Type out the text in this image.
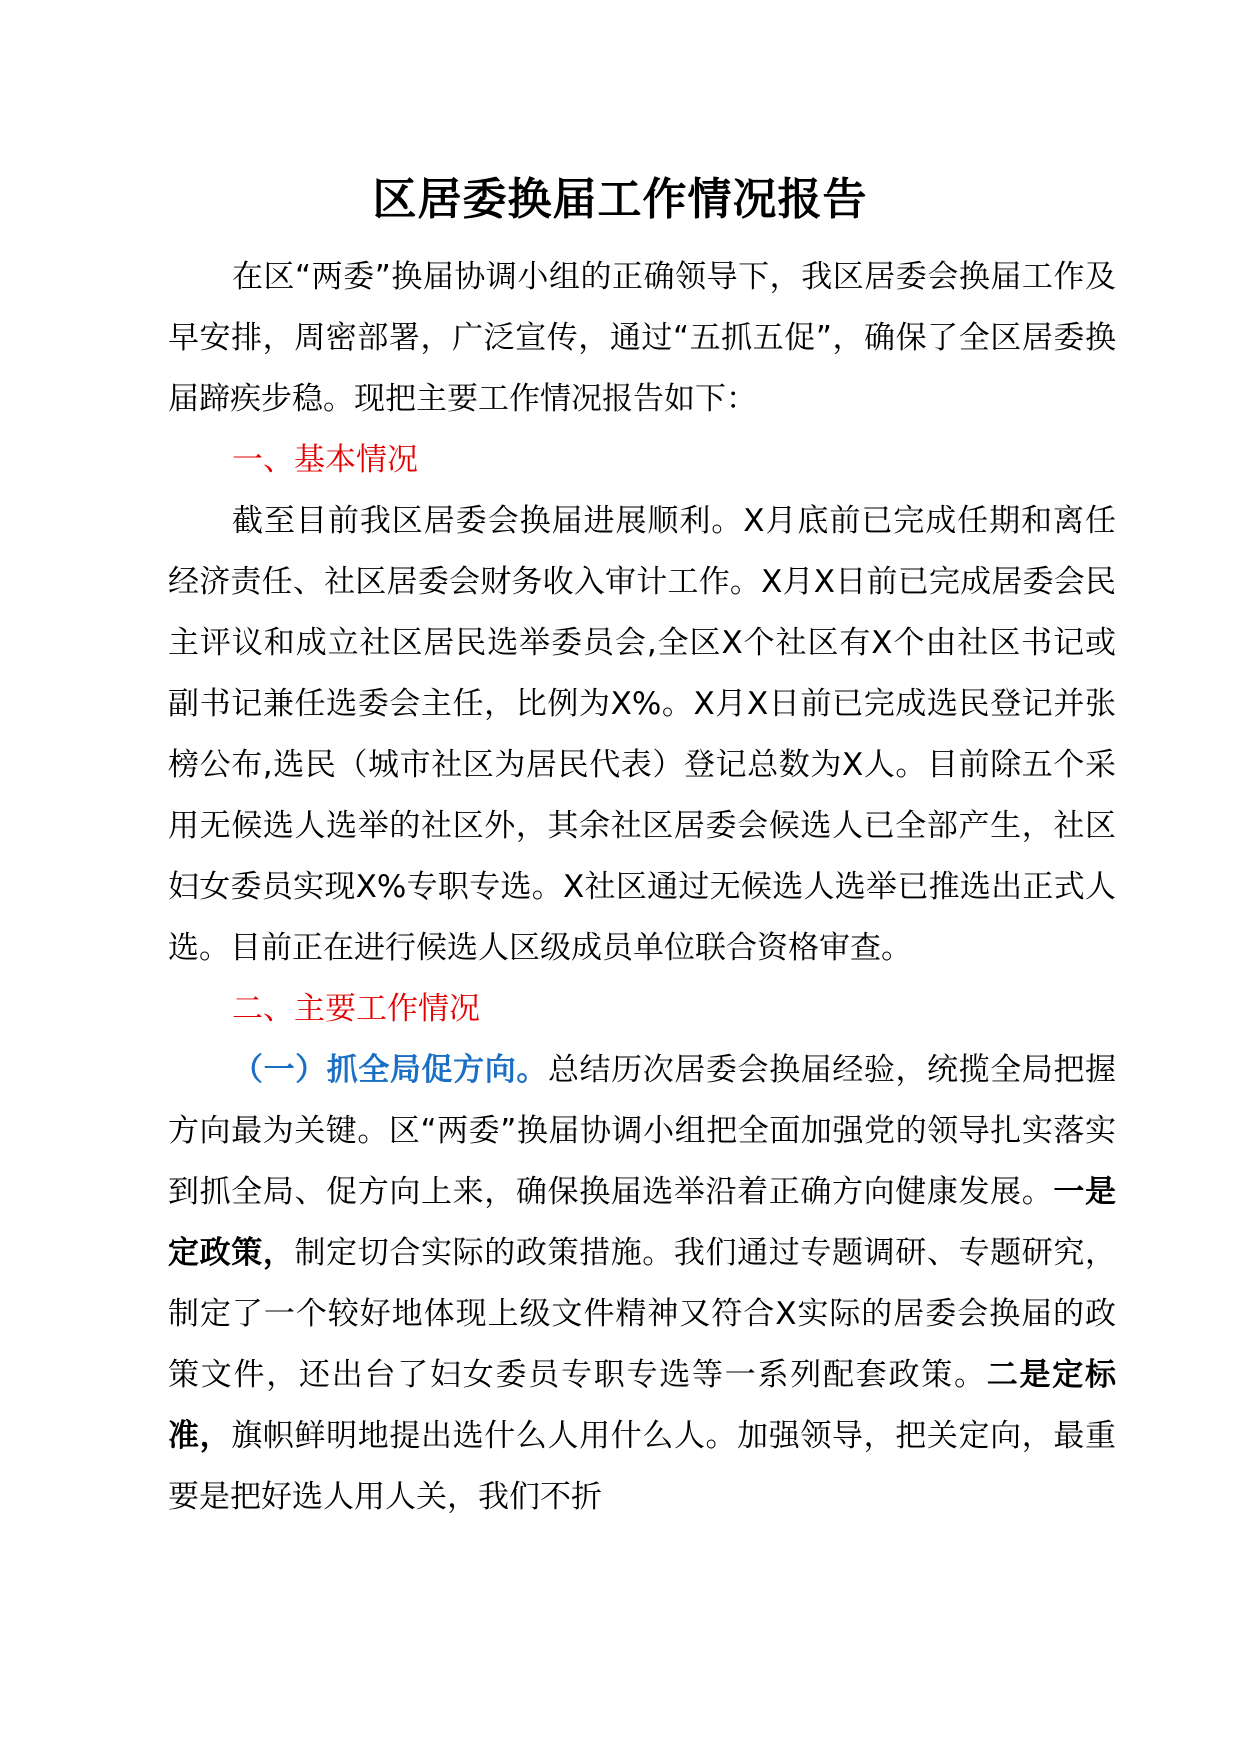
区居委换届工作情况报告

在区“两委”换届协调小组的正确领导下，我区居委会换届工作及早安排，周密部署，广泛宣传，通过“五抓五促”，确保了全区居委换届蹄疾步稳。现把主要工作情况报告如下：

一、基本情况

截至目前我区居委会换届进展顺利。X月底前已完成任期和离任经济责任、社区居委会财务收入审计工作。X月X日前已完成居委会民主评议和成立社区居民选举委员会,全区X个社区有X个由社区书记或副书记兼任选委会主任，比例为X%。X月X日前已完成选民登记并张榜公布,选民（城市社区为居民代表）登记总数为X人。目前除五个采用无候选人选举的社区外，其余社区居委会候选人已全部产生，社区妇女委员实现X%专职专选。X社区通过无候选人选举已推选出正式人选。目前正在进行候选人区级成员单位联合资格审查。

二、主要工作情况

（一）抓全局促方向。总结历次居委会换届经验，统揽全局把握方向最为关键。区“两委”换届协调小组把全面加强党的领导扎实落实到抓全局、促方向上来，确保换届选举沿着正确方向健康发展。一是定政策，制定切合实际的政策措施。我们通过专题调研、专题研究，制定了一个较好地体现上级文件精神又符合X实际的居委会换届的政策文件，还出台了妇女委员专职专选等一系列配套政策。二是定标准，旗帜鲜明地提出选什么人用什么人。加强领导，把关定向，最重要是把好选人用人关，我们不折
